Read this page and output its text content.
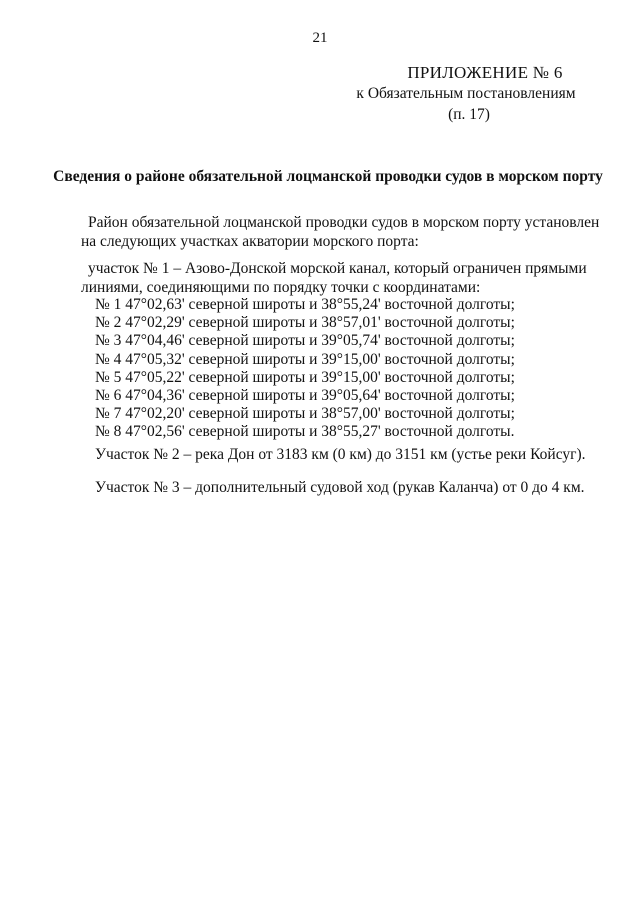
21
ПРИЛОЖЕНИЕ № 6
к Обязательным постановлениям
(п. 17)
Сведения о районе обязательной лоцманской проводки судов в морском порту
Район обязательной лоцманской проводки судов в морском порту установлен
на следующих участках акватории морского порта:
участок № 1 – Азово-Донской морской канал, который ограничен прямыми
линиями, соединяющими по порядку точки с координатами:
№ 1 47°02,63' северной широты и 38°55,24' восточной долготы;
№ 2 47°02,29' северной широты и 38°57,01' восточной долготы;
№ 3 47°04,46' северной широты и 39°05,74' восточной долготы;
№ 4 47°05,32' северной широты и 39°15,00' восточной долготы;
№ 5 47°05,22' северной широты и 39°15,00' восточной долготы;
№ 6 47°04,36' северной широты и 39°05,64' восточной долготы;
№ 7 47°02,20' северной широты и 38°57,00' восточной долготы;
№ 8 47°02,56' северной широты и 38°55,27' восточной долготы.
Участок № 2 – река Дон от 3183 км (0 км) до 3151 км (устье реки Койсуг).
Участок № 3 – дополнительный судовой ход (рукав Каланча) от 0 до 4 км.
